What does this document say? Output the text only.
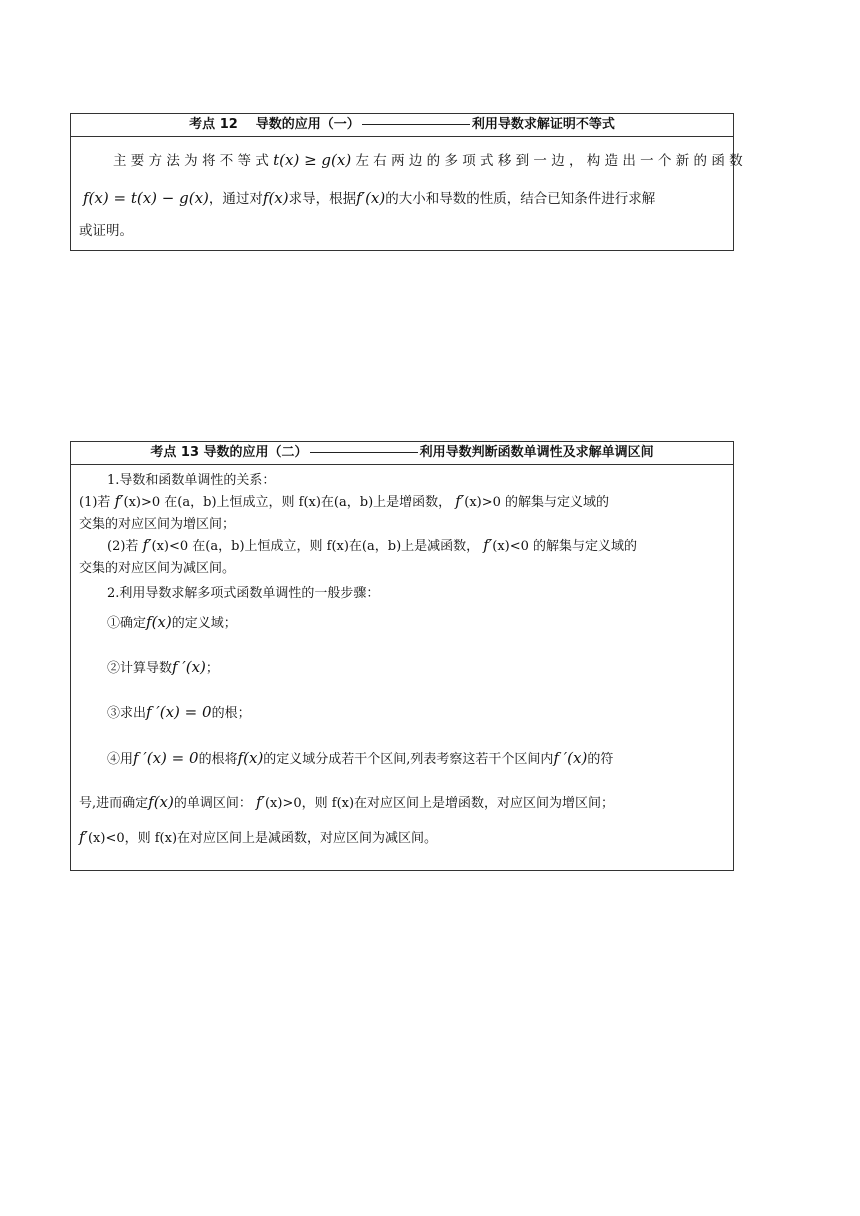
考点 12 导数的应用（一）	利用导数求解证明不等式

主 要 方 法 为 将 不 等 式 t(x) ≥ g(x) 左 右 两 边 的 多 项 式 移 到 一 边 ， 构 造 出 一 个 新 的 函 数

f(x) = t(x) − g(x)，通过对f(x)求导，根据f′(x)的大小和导数的性质，结合已知条件进行求解

或证明。

考点 13 导数的应用（二）	利用导数判断函数单调性及求解单调区间
1.导数和函数单调性的关系：
(1)若 f′(x)>0 在(a，b)上恒成立，则 f(x)在(a，b)上是增函数， f′(x)>0 的解集与定义域的
交集的对应区间为增区间；
(2)若 f′(x)<0 在(a，b)上恒成立，则 f(x)在(a，b)上是减函数， f′(x)<0 的解集与定义域的
交集的对应区间为减区间。
2.利用导数求解多项式函数单调性的一般步骤：
①确定f(x)的定义域；
②计算导数f ′(x)；
③求出f ′(x) = 0的根；
④用f ′(x) = 0的根将f(x)的定义域分成若干个区间,列表考察这若干个区间内f ′(x)的符
号,进而确定f(x)的单调区间： f′(x)>0，则 f(x)在对应区间上是增函数，对应区间为增区间；
f′(x)<0，则 f(x)在对应区间上是减函数，对应区间为减区间。
